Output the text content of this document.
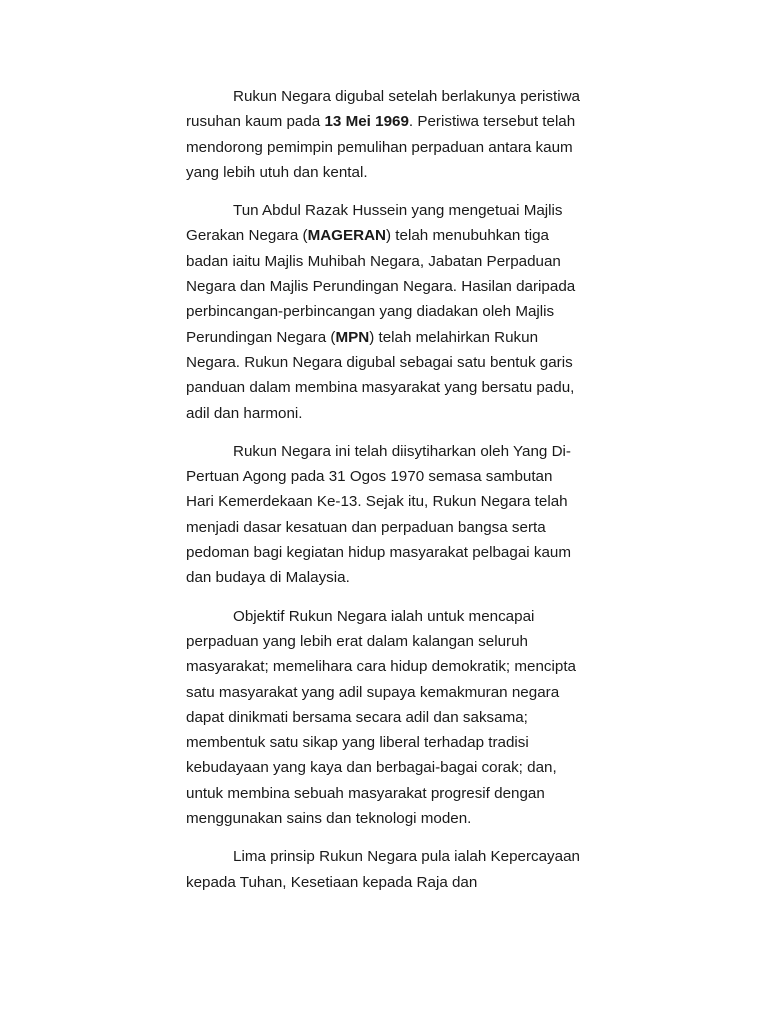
Rukun Negara digubal setelah berlakunya peristiwa rusuhan kaum pada 13 Mei 1969. Peristiwa tersebut telah mendorong pemimpin pemulihan perpaduan antara kaum yang lebih utuh dan kental.

Tun Abdul Razak Hussein yang mengetuai Majlis Gerakan Negara (MAGERAN) telah menubuhkan tiga badan iaitu Majlis Muhibah Negara, Jabatan Perpaduan Negara dan Majlis Perundingan Negara. Hasilan daripada perbincangan-perbincangan yang diadakan oleh Majlis Perundingan Negara (MPN) telah melahirkan Rukun Negara. Rukun Negara digubal sebagai satu bentuk garis panduan dalam membina masyarakat yang bersatu padu, adil dan harmoni.

Rukun Negara ini telah diisytiharkan oleh Yang Di-Pertuan Agong pada 31 Ogos 1970 semasa sambutan Hari Kemerdekaan Ke-13. Sejak itu, Rukun Negara telah menjadi dasar kesatuan dan perpaduan bangsa serta pedoman bagi kegiatan hidup masyarakat pelbagai kaum dan budaya di Malaysia.

Objektif Rukun Negara ialah untuk mencapai perpaduan yang lebih erat dalam kalangan seluruh masyarakat; memelihara cara hidup demokratik; mencipta satu masyarakat yang adil supaya kemakmuran negara dapat dinikmati bersama secara adil dan saksama; membentuk satu sikap yang liberal terhadap tradisi kebudayaan yang kaya dan berbagai-bagai corak; dan, untuk membina sebuah masyarakat progresif dengan menggunakan sains dan teknologi moden.

Lima prinsip Rukun Negara pula ialah Kepercayaan kepada Tuhan, Kesetiaan kepada Raja dan
